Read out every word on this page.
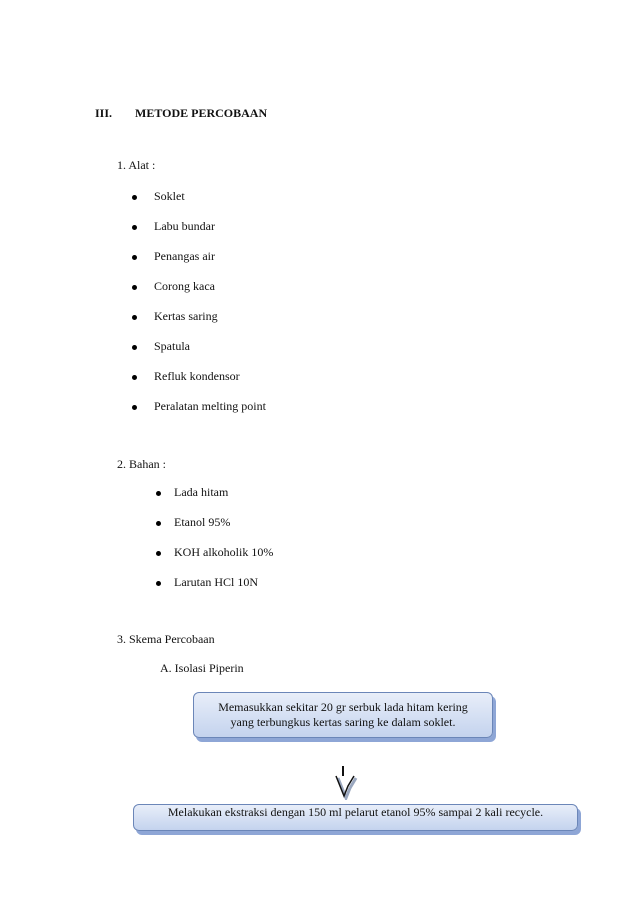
III. METODE PERCOBAAN
1. Alat :
Soklet
Labu bundar
Penangas air
Corong kaca
Kertas saring
Spatula
Refluk kondensor
Peralatan melting point
2. Bahan :
Lada hitam
Etanol 95%
KOH alkoholik 10%
Larutan HCl 10N
3. Skema Percobaan
A. Isolasi Piperin
Memasukkan sekitar 20 gr serbuk lada hitam kering
yang terbungkus kertas saring ke dalam soklet.
Melakukan ekstraksi dengan 150 ml pelarut etanol 95% sampai 2 kali recycle.
